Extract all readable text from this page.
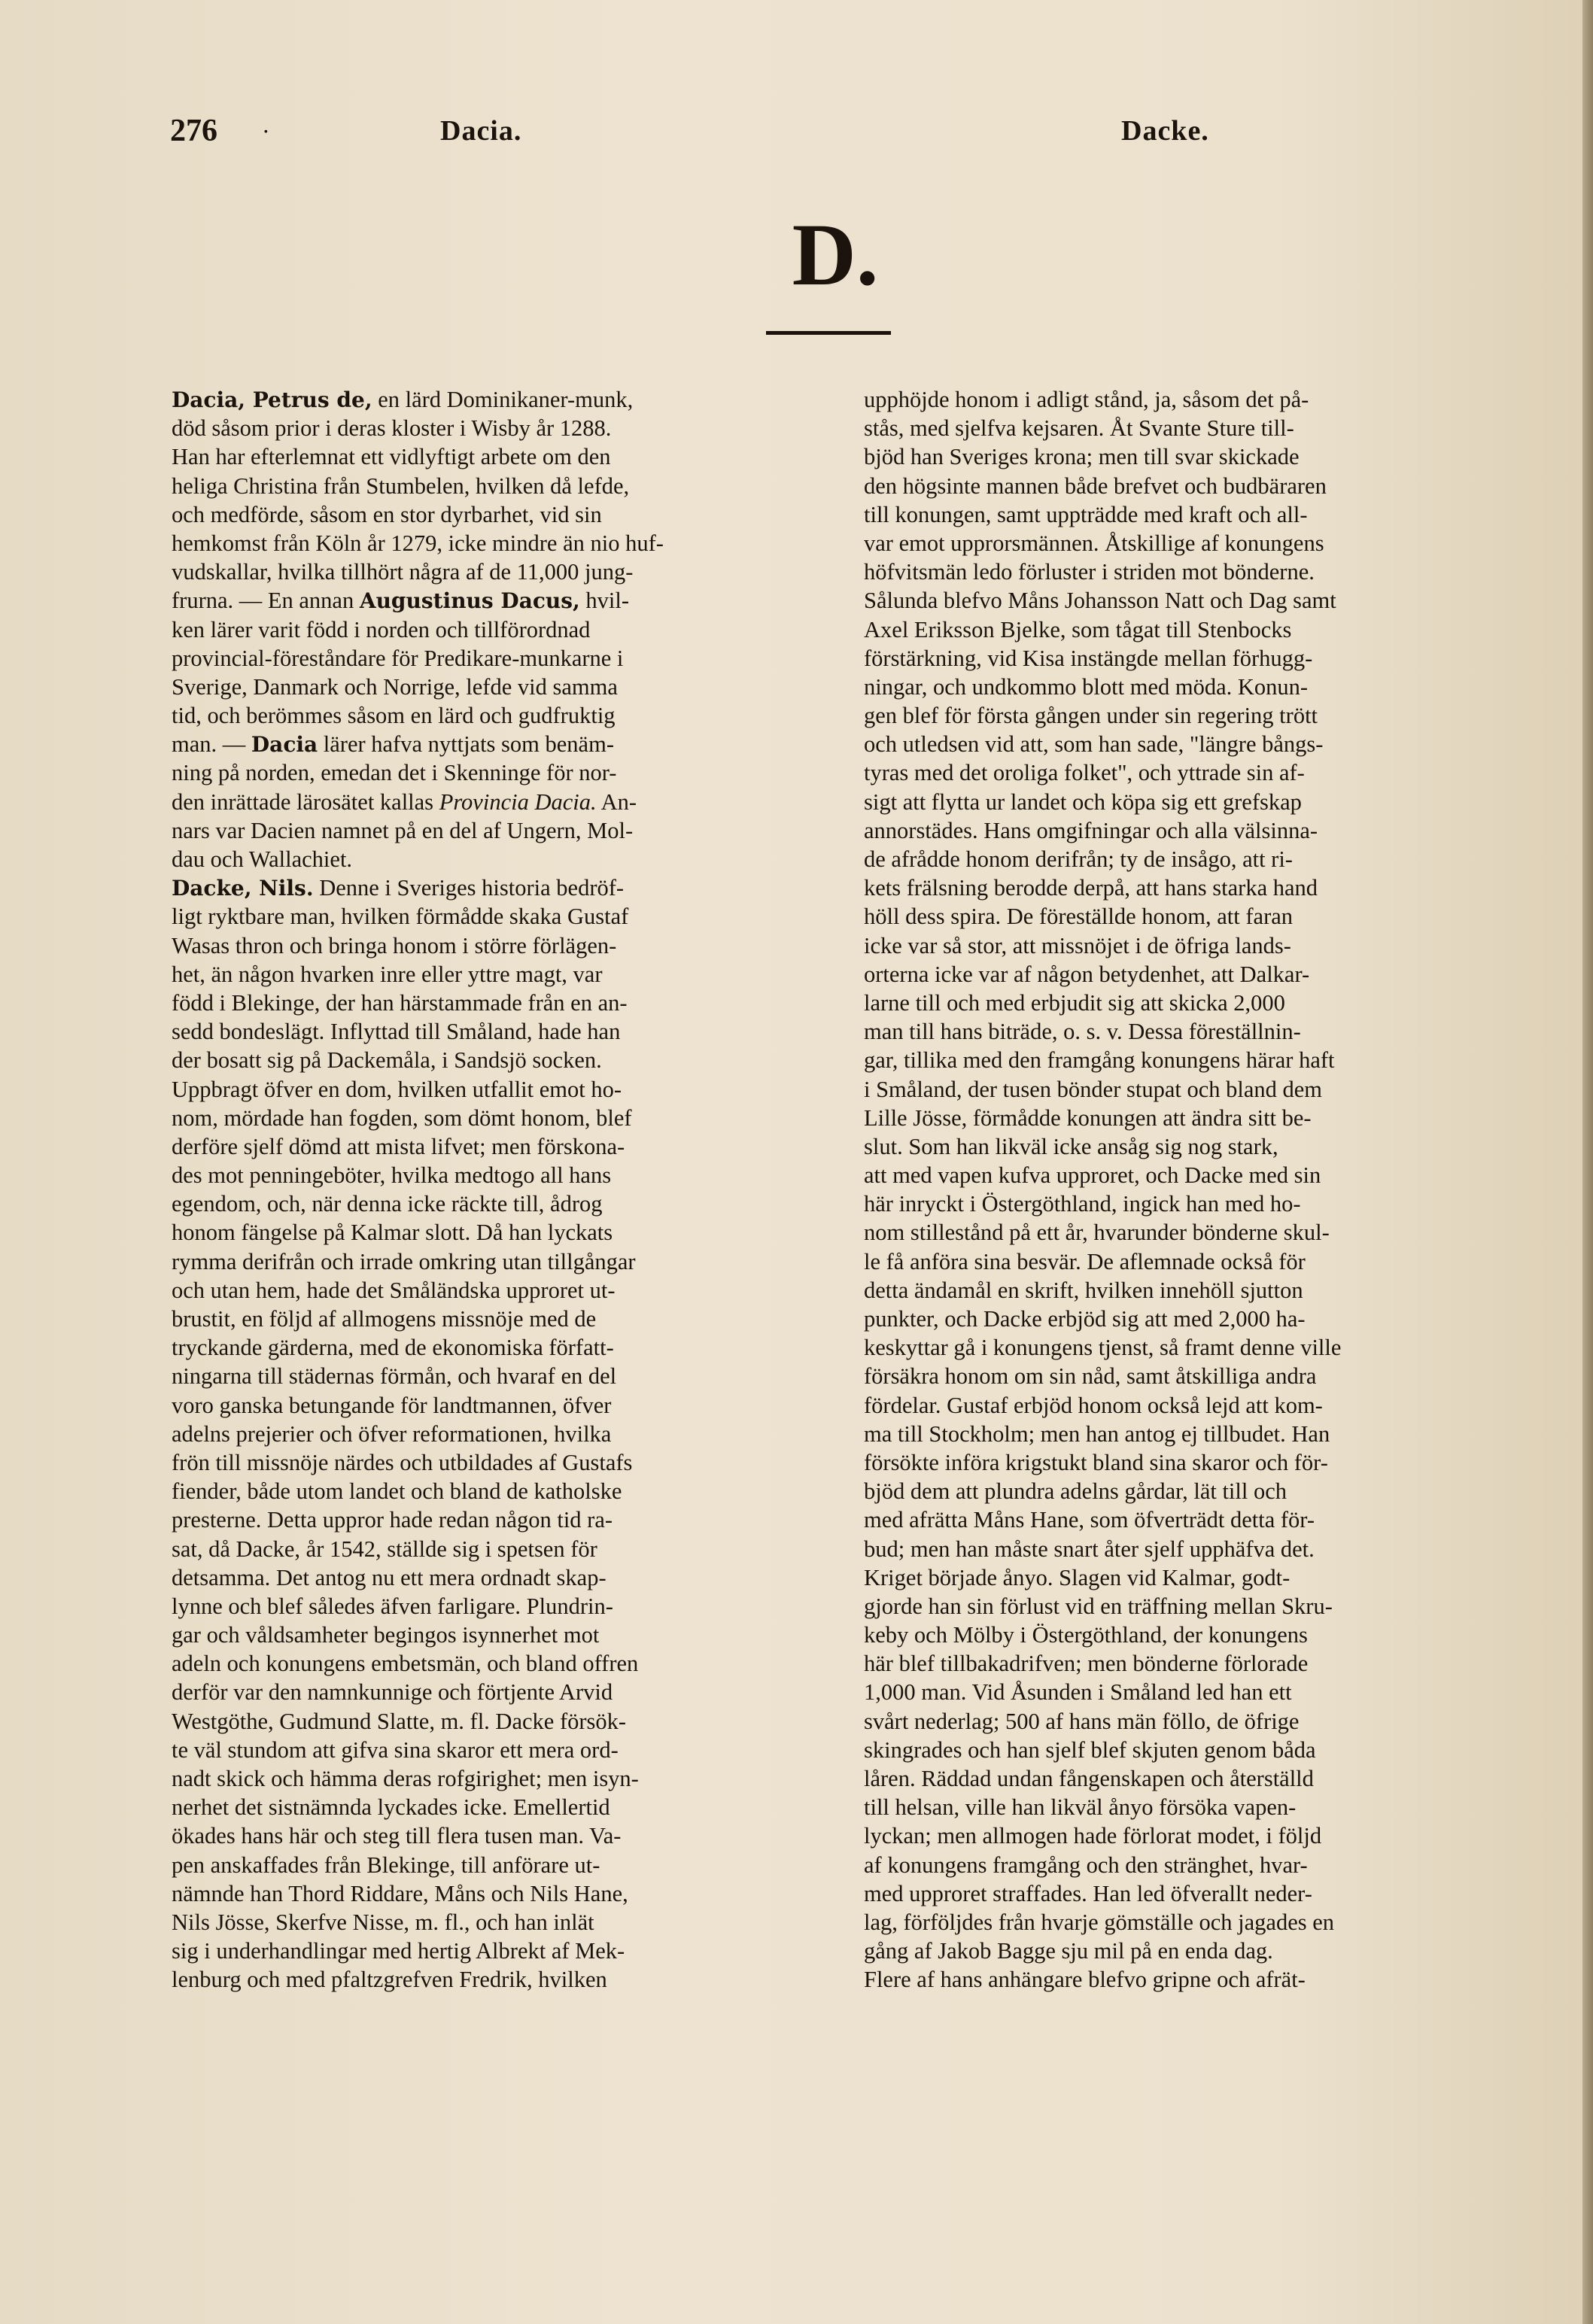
276 ·	Dacia.	Dacke.
D.
Dacia, Petrus de, en lärd Dominikaner-munk,
död såsom prior i deras kloster i Wisby år 1288.
Han har efterlemnat ett vidlyftigt arbete om den
heliga Christina från Stumbelen, hvilken då lefde,
och medförde, såsom en stor dyrbarhet, vid sin
hemkomst från Köln år 1279, icke mindre än nio huf-
vudskallar, hvilka tillhört några af de 11,000 jung-
frurna. — En annan Augustinus Dacus, hvil-
ken lärer varit född i norden och tillförordnad
provincial-föreståndare för Predikare-munkarne i
Sverige, Danmark och Norrige, lefde vid samma
tid, och berömmes såsom en lärd och gudfruktig
man. — Dacia lärer hafva nyttjats som benäm-
ning på norden, emedan det i Skenninge för nor-
den inrättade lärosätet kallas Provincia Dacia. An-
nars var Dacien namnet på en del af Ungern, Mol-
dau och Wallachiet.
Dacke, Nils. Denne i Sveriges historia bedröf-
ligt ryktbare man, hvilken förmådde skaka Gustaf
Wasas thron och bringa honom i större förlägen-
het, än någon hvarken inre eller yttre magt, var
född i Blekinge, der han härstammade från en an-
sedd bondeslägt. Inflyttad till Småland, hade han
der bosatt sig på Dackemåla, i Sandsjö socken.
Uppbragt öfver en dom, hvilken utfallit emot ho-
nom, mördade han fogden, som dömt honom, blef
derföre sjelf dömd att mista lifvet; men förskona-
des mot penningeböter, hvilka medtogo all hans
egendom, och, när denna icke räckte till, ådrog
honom fängelse på Kalmar slott. Då han lyckats
rymma derifrån och irrade omkring utan tillgångar
och utan hem, hade det Småländska upproret ut-
brustit, en följd af allmogens missnöje med de
tryckande gärderna, med de ekonomiska författ-
ningarna till städernas förmån, och hvaraf en del
voro ganska betungande för landtmannen, öfver
adelns prejerier och öfver reformationen, hvilka
frön till missnöje närdes och utbildades af Gustafs
fiender, både utom landet och bland de katholske
presterne. Detta uppror hade redan någon tid ra-
sat, då Dacke, år 1542, ställde sig i spetsen för
detsamma. Det antog nu ett mera ordnadt skap-
lynne och blef således äfven farligare. Plundrin-
gar och våldsamheter begingos isynnerhet mot
adeln och konungens embetsmän, och bland offren
derför var den namnkunnige och förtjente Arvid
Westgöthe, Gudmund Slatte, m. fl. Dacke försök-
te väl stundom att gifva sina skaror ett mera ord-
nadt skick och hämma deras rofgirighet; men isyn-
nerhet det sistnämnda lyckades icke. Emellertid
ökades hans här och steg till flera tusen man. Va-
pen anskaffades från Blekinge, till anförare ut-
nämnde han Thord Riddare, Måns och Nils Hane,
Nils Jösse, Skerfve Nisse, m. fl., och han inlät
sig i underhandlingar med hertig Albrekt af Mek-
lenburg och med pfaltzgrefven Fredrik, hvilken
upphöjde honom i adligt stånd, ja, såsom det på-
stås, med sjelfva kejsaren. Åt Svante Sture till-
bjöd han Sveriges krona; men till svar skickade
den högsinte mannen både brefvet och budbäraren
till konungen, samt uppträdde med kraft och all-
var emot upprorsmännen. Åtskillige af konungens
höfvitsmän ledo förluster i striden mot bönderne.
Sålunda blefvo Måns Johansson Natt och Dag samt
Axel Eriksson Bjelke, som tågat till Stenbocks
förstärkning, vid Kisa instängde mellan förhugg-
ningar, och undkommo blott med möda. Konun-
gen blef för första gången under sin regering trött
och utledsen vid att, som han sade, "längre bångs-
tyras med det oroliga folket", och yttrade sin af-
sigt att flytta ur landet och köpa sig ett grefskap
annorstädes. Hans omgifningar och alla välsinna-
de afrådde honom derifrån; ty de insågo, att ri-
kets frälsning berodde derpå, att hans starka hand
höll dess spira. De föreställde honom, att faran
icke var så stor, att missnöjet i de öfriga lands-
orterna icke var af någon betydenhet, att Dalkar-
larne till och med erbjudit sig att skicka 2,000
man till hans biträde, o. s. v. Dessa föreställnin-
gar, tillika med den framgång konungens härar haft
i Småland, der tusen bönder stupat och bland dem
Lille Jösse, förmådde konungen att ändra sitt be-
slut. Som han likväl icke ansåg sig nog stark,
att med vapen kufva upproret, och Dacke med sin
här inryckt i Östergöthland, ingick han med ho-
nom stillestånd på ett år, hvarunder bönderne skul-
le få anföra sina besvär. De aflemnade också för
detta ändamål en skrift, hvilken innehöll sjutton
punkter, och Dacke erbjöd sig att med 2,000 ha-
keskyttar gå i konungens tjenst, så framt denne ville
försäkra honom om sin nåd, samt åtskilliga andra
fördelar. Gustaf erbjöd honom också lejd att kom-
ma till Stockholm; men han antog ej tillbudet. Han
försökte införa krigstukt bland sina skaror och för-
bjöd dem att plundra adelns gårdar, lät till och
med afrätta Måns Hane, som öfverträdt detta för-
bud; men han måste snart åter sjelf upphäfva det.
Kriget började ånyo. Slagen vid Kalmar, godt-
gjorde han sin förlust vid en träffning mellan Skru-
keby och Mölby i Östergöthland, der konungens
här blef tillbakadrifven; men bönderne förlorade
1,000 man. Vid Åsunden i Småland led han ett
svårt nederlag; 500 af hans män föllo, de öfrige
skingrades och han sjelf blef skjuten genom båda
låren. Räddad undan fångenskapen och återställd
till helsan, ville han likväl ånyo försöka vapen-
lyckan; men allmogen hade förlorat modet, i följd
af konungens framgång och den stränghet, hvar-
med upproret straffades. Han led öfverallt neder-
lag, förföljdes från hvarje gömställe och jagades en
gång af Jakob Bagge sju mil på en enda dag.
Flere af hans anhängare blefvo gripne och afrät-
